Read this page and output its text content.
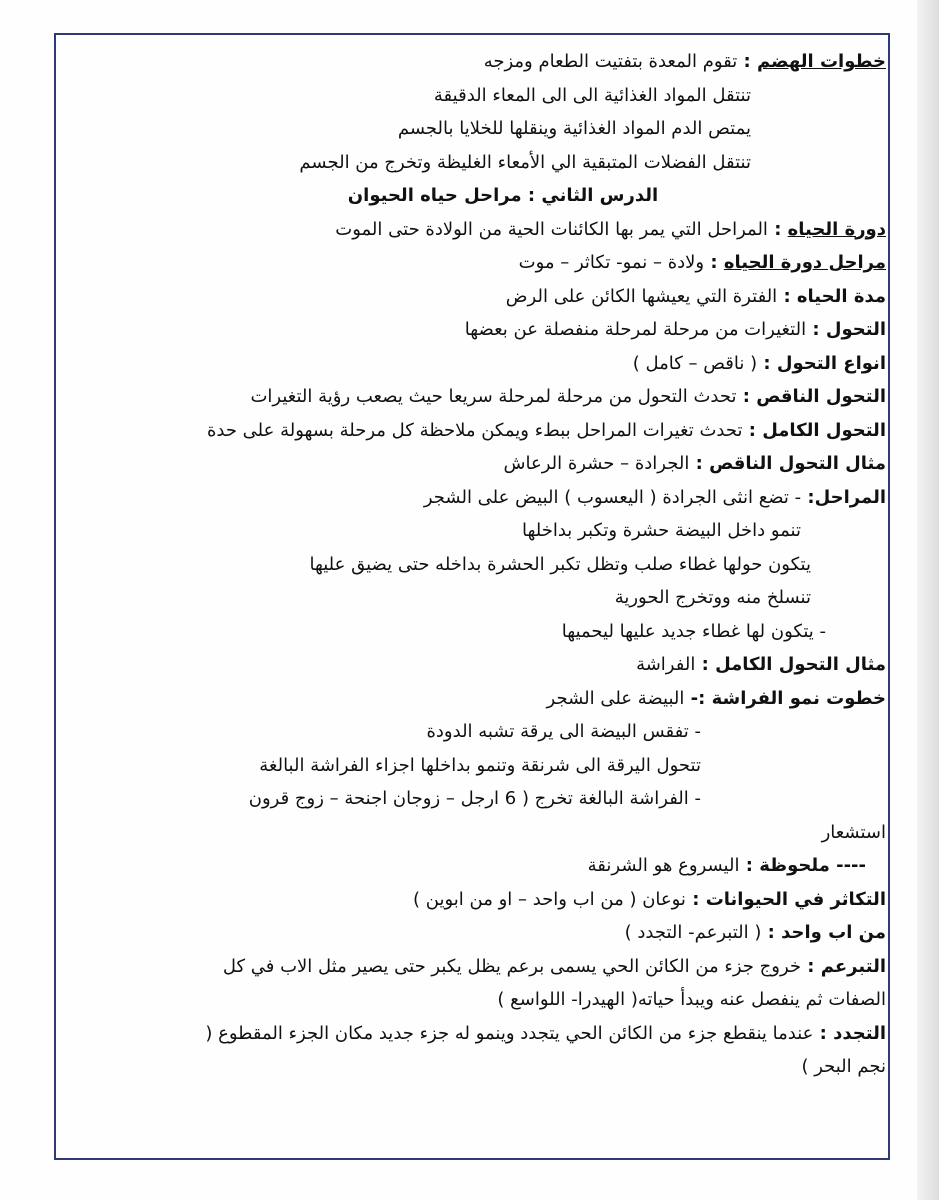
خطوات الهضم : تقوم المعدة بتفتيت الطعام ومزجه
تنتقل المواد الغذائية الى الى المعاء الدقيقة
يمتص الدم المواد الغذائية وينقلها للخلايا بالجسم
تنتقل الفضلات المتبقية الي الأمعاء الغليظة وتخرج من الجسم
الدرس الثاني : مراحل حياه الحيوان
دورة الحياه : المراحل التي يمر بها الكائنات الحية من الولادة حتى الموت
مراحل دورة الحياه : ولادة – نمو- تكاثر – موت
مدة الحياه : الفترة التي يعيشها الكائن على الرض
التحول : التغيرات من مرحلة لمرحلة منفصلة عن بعضها
انواع التحول : ( ناقص – كامل )
التحول الناقص : تحدث التحول من مرحلة لمرحلة سريعا حيث يصعب رؤية التغيرات
التحول الكامل : تحدث تغيرات المراحل ببطء ويمكن ملاحظة كل مرحلة بسهولة على حدة
مثال التحول الناقص : الجرادة – حشرة الرعاش
المراحل: - تضع انثى الجرادة ( اليعسوب ) البيض على الشجر
تنمو داخل البيضة حشرة وتكبر بداخلها
يتكون حولها غطاء صلب وتظل تكبر الحشرة بداخله حتى يضيق عليها
تنسلخ منه ووتخرج الحورية
- يتكون لها غطاء جديد عليها ليحميها
مثال التحول الكامل : الفراشة
خطوت نمو الفراشة :- البيضة على الشجر
- تفقس البيضة الى يرقة تشبه الدودة
تتحول اليرقة الى شرنقة وتنمو بداخلها اجزاء الفراشة البالغة
- الفراشة البالغة تخرج ( 6 ارجل – زوجان اجنحة – زوج قرون
استشعار
---- ملحوظة : اليسروع هو الشرنقة
التكاثر في الحيوانات : نوعان ( من اب واحد – او من ابوين )
من اب واحد : ( التبرعم- التجدد )
التبرعم : خروج جزء من الكائن الحي يسمى برعم يظل يكبر حتى يصير مثل الاب في كل
الصفات ثم ينفصل عنه ويبدأ حياته( الهيدرا- اللواسع )
التجدد : عندما ينقطع جزء من الكائن الحي يتجدد وينمو له جزء جديد مكان الجزء المقطوع (
نجم البحر )
